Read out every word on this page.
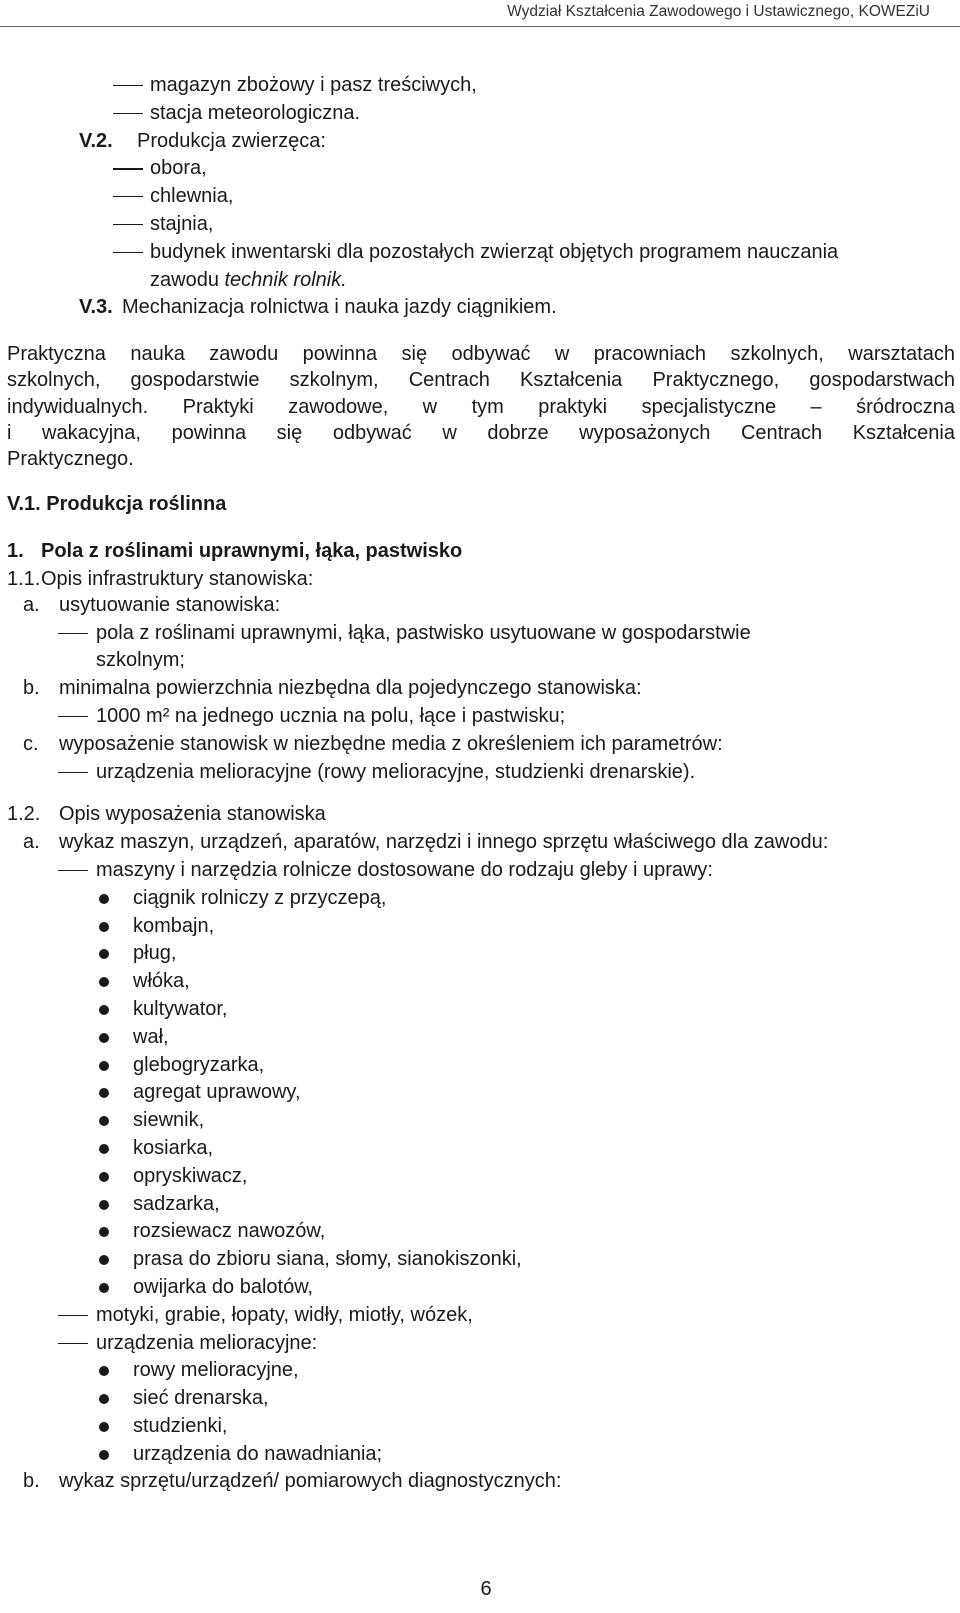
Wydział Kształcenia Zawodowego i Ustawicznego, KOWEZiU
magazyn zbożowy i pasz treściwych,

stacja meteorologiczna.

V.2. Produkcja zwierzęca:

obora,

chlewnia,

stajnia,

budynek inwentarski dla pozostałych zwierząt objętych programem nauczania

zawodu technik rolnik.

V.3. Mechanizacja rolnictwa i nauka jazdy ciągnikiem.

Praktyczna nauka zawodu powinna się odbywać w pracowniach szkolnych, warsztatach
szkolnych, gospodarstwie szkolnym, Centrach Kształcenia Praktycznego, gospodarstwach
indywidualnych. Praktyki zawodowe, w tym praktyki specjalistyczne – śródroczna
i wakacyjna, powinna się odbywać w dobrze wyposażonych Centrach Kształcenia
Praktycznego.
V.1. Produkcja roślinna

1. Pola z roślinami uprawnymi, łąka, pastwisko

1.1. Opis infrastruktury stanowiska:

a. usytuowanie stanowiska:

pola z roślinami uprawnymi, łąka, pastwisko usytuowane w gospodarstwie

szkolnym;

b. minimalna powierzchnia niezbędna dla pojedynczego stanowiska:

1000 m² na jednego ucznia na polu, łące i pastwisku;

c. wyposażenie stanowisk w niezbędne media z określeniem ich parametrów:

urządzenia melioracyjne (rowy melioracyjne, studzienki drenarskie).

1.2. Opis wyposażenia stanowiska

a. wykaz maszyn, urządzeń, aparatów, narzędzi i innego sprzętu właściwego dla zawodu:

maszyny i narzędzia rolnicze dostosowane do rodzaju gleby i uprawy:

ciągnik rolniczy z przyczepą,

kombajn,

pług,

włóka,

kultywator,

wał,

glebogryzarka,

agregat uprawowy,

siewnik,

kosiarka,

opryskiwacz,

sadzarka,

rozsiewacz nawozów,

prasa do zbioru siana, słomy, sianokiszonki,

owijarka do balotów,

motyki, grabie, łopaty, widły, miotły, wózek,

urządzenia melioracyjne:

rowy melioracyjne,

sieć drenarska,

studzienki,

urządzenia do nawadniania;

b. wykaz sprzętu/urządzeń/ pomiarowych diagnostycznych:

6
